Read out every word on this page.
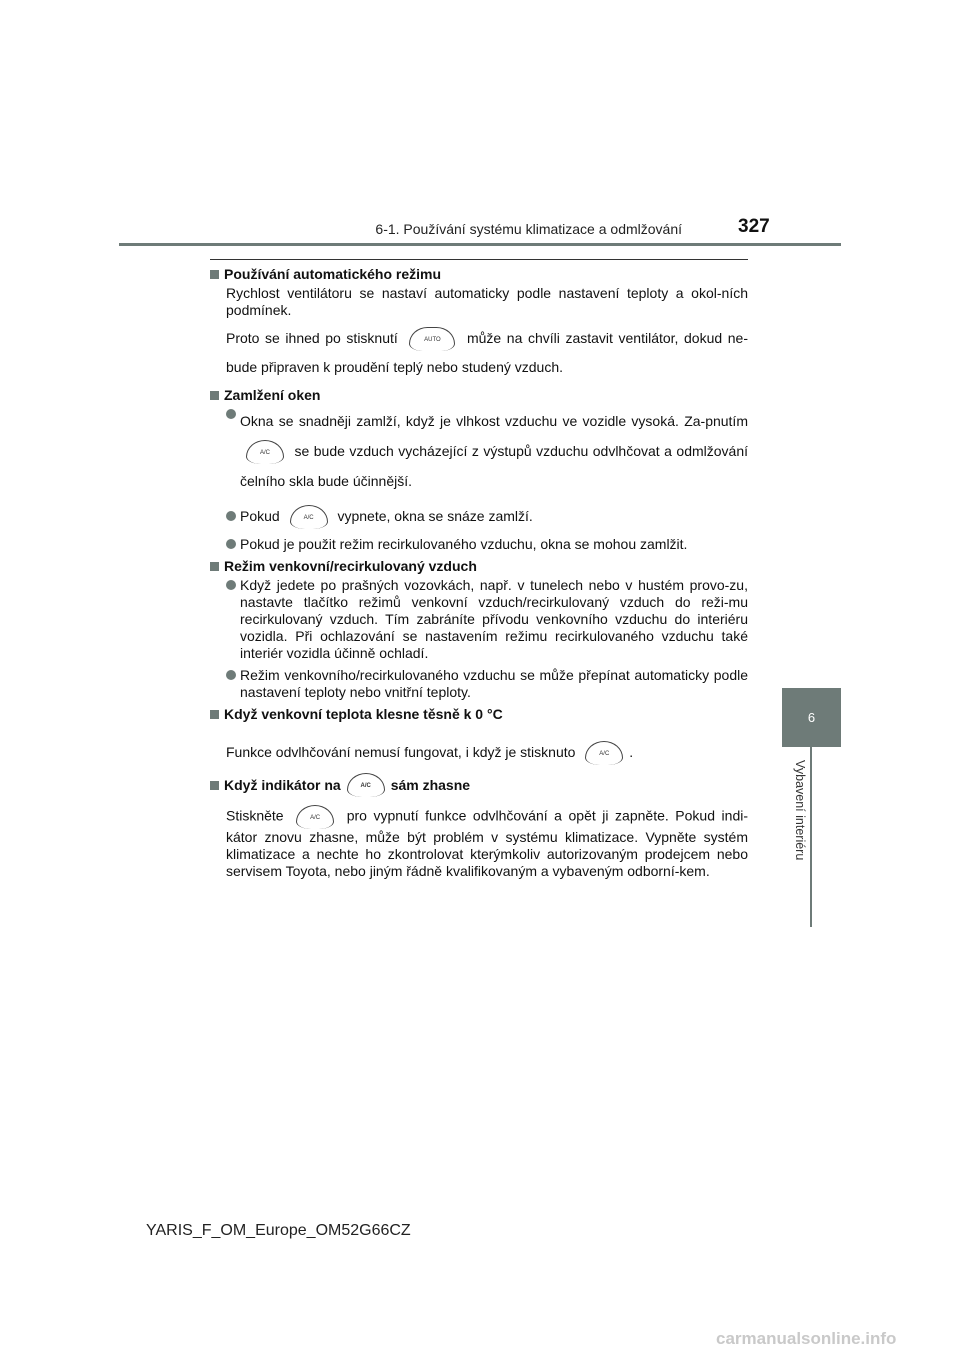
6-1. Používání systému klimatizace a odmlžování	327
6
Vybavení interiéru
Používání automatického režimu
Rychlost ventilátoru se nastaví automaticky podle nastavení teploty a okol-ních podmínek.
Proto se ihned po stisknutí	AUTO může na chvíli zastavit ventilátor, dokud ne-bude připraven k proudění teplý nebo studený vzduch.
Zamlžení oken
Okna se snadněji zamlží, když je vlhkost vzduchu ve vozidle vysoká. Za-pnutím A/C se bude vzduch vycházející z výstupů vzduchu odvlhčovat a odmlžování čelního skla bude účinnější.
Pokud	A/C vypnete, okna se snáze zamlží.
Pokud je použit režim recirkulovaného vzduchu, okna se mohou zamlžit.
Režim venkovní/recirkulovaný vzduch
Když jedete po prašných vozovkách, např. v tunelech nebo v hustém provo-zu, nastavte tlačítko režimů venkovní vzduch/recirkulovaný vzduch do reži-mu recirkulovaný vzduch. Tím zabráníte přívodu venkovního vzduchu do interiéru vozidla. Při ochlazování se nastavením režimu recirkulovaného vzduchu také interiér vozidla účinně ochladí.
Režim venkovního/recirkulovaného vzduchu se může přepínat automaticky podle nastavení teploty nebo vnitřní teploty.
Když venkovní teplota klesne těsně k 0 °C
Funkce odvlhčování nemusí fungovat, i když je stisknuto	A/C .
Když indikátor na	A/C	sám zhasne
Stiskněte	A/C pro vypnutí funkce odvlhčování a opět ji zapněte. Pokud indi-kátor znovu zhasne, může být problém v systému klimatizace. Vypněte systém klimatizace a nechte ho zkontrolovat kterýmkoliv autorizovaným prodejcem nebo servisem Toyota, nebo jiným řádně kvalifikovaným a vybaveným odborní-kem.
YARIS_F_OM_Europe_OM52G66CZ
carmanualsonline.info
